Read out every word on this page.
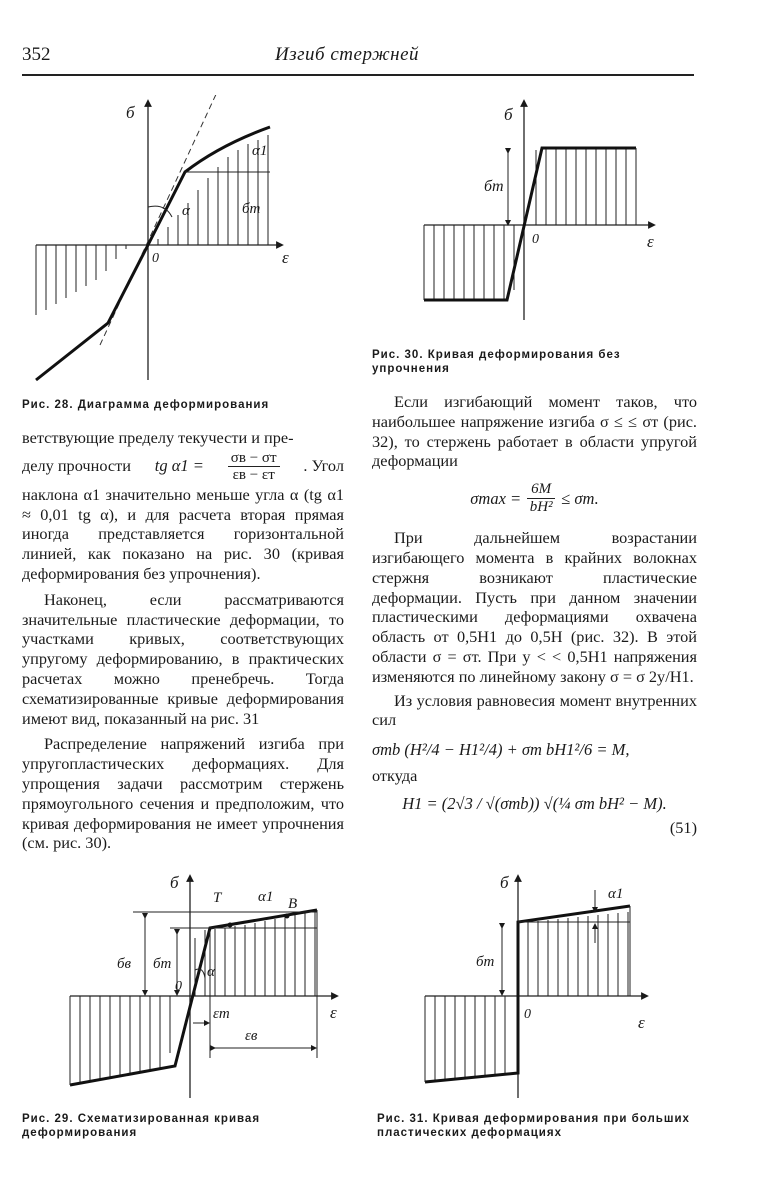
352	Изгиб стержней
б
ε
0
α
α1
бт
Рис. 28. Диаграмма деформирования
б
ε
0
бт
Рис. 30. Кривая деформирования без упрочнения

ветствующие пределу текучести и пре-

делу прочности tg α1 = σв − σт
εв − εт . Угол

наклона α1 значительно меньше угла α (tg α1 ≈ 0,01 tg α), и для расчета вторая прямая иногда представляется горизонтальной линией, как показано на рис. 30 (кривая деформирования без упрочнения).

Наконец, если рассматриваются значительные пластические деформации, то участками кривых, соответствующих упругому деформированию, в практических расчетах можно пренебречь. Тогда схематизированные кривые деформирования имеют вид, показанный на рис. 31

Распределение напряжений изгиба при упругопластических деформациях. Для упрощения задачи рассмотрим стержень прямоугольного сечения и предположим, что кривая деформирования не имеет упрочнения (см. рис. 30).

Если изгибающий момент таков, что наибольшее напряжение изгиба σ ≤ ≤ σт (рис. 32), то стержень работает в области упругой деформации

$\sigma\max = \frac{6M}{\text{bH²}} \le \sigma т$.

При дальнейшем возрастании изгибающего момента в крайних волокнах стержня возникают пластические деформации. Пусть при данном значении пластическими деформациями охвачена область от 0,5H1 до 0,5H (рис. 32). В этой области σ = σт. При y < < 0,5H1 напряжения изменяются по линейному закону σ = σ 2y/H1.

Из условия равновесия момент внутренних сил

σтb (H²/4 − H1²/4) + σт bH1²/6 = M,

откуда

H1 = (2√3 / √(σтb)) √(¼ σт bH² − M).

(51)

б
ε
0
T	B
α1
α
бв бт
εт
εв
Рис. 29. Схематизированная кривая деформирования
б
ε
0
α1
бт
Рис. 31. Кривая деформирования при больших пластических деформациях
